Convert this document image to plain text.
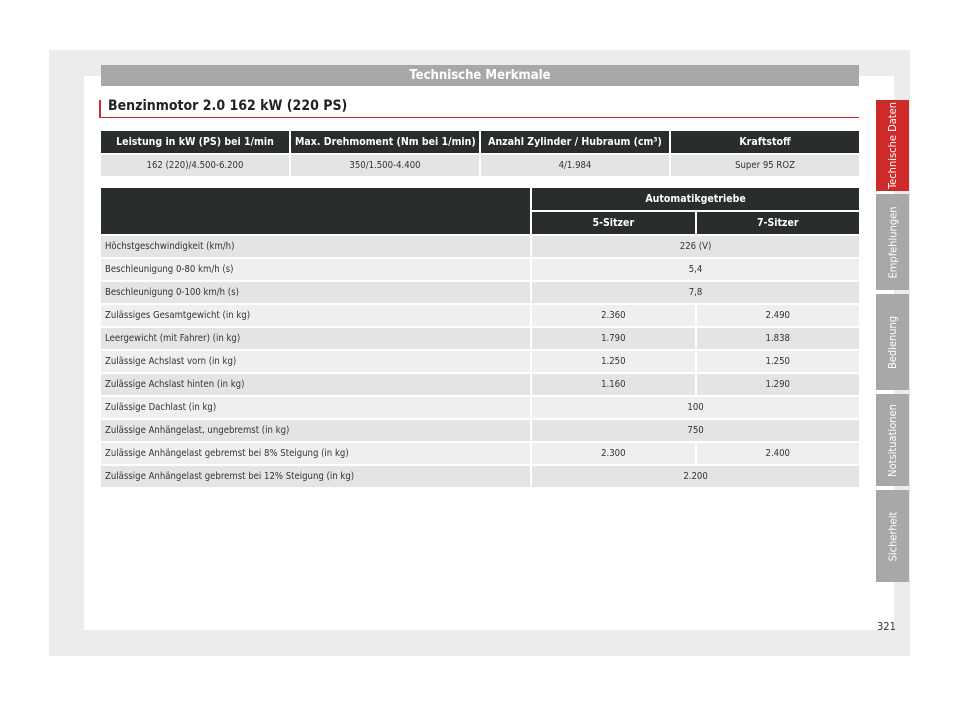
Technische Merkmale
Benzinmotor 2.0 162 kW (220 PS)
Leistung in kW (PS) bei 1/min	Max. Drehmoment (Nm bei 1/min)	Anzahl Zylinder / Hubraum (cm³)	Kraftstoff
162 (220)/4.500-6.200	350/1.500-4.400	4/1.984	Super 95 ROZ
	Automatikgetriebe	
	5-Sitzer	7-Sitzer
Höchstgeschwindigkeit (km/h)	226 (V)	
Beschleunigung 0-80 km/h (s)	5,4	
Beschleunigung 0-100 km/h (s)	7,8	
Zulässiges Gesamtgewicht (in kg)	2.360	2.490
Leergewicht (mit Fahrer) (in kg)	1.790	1.838
Zulässige Achslast vorn (in kg)	1.250	1.250
Zulässige Achslast hinten (in kg)	1.160	1.290
Zulässige Dachlast (in kg)	100	
Zulässige Anhängelast, ungebremst (in kg)	750	
Zulässige Anhängelast gebremst bei 8% Steigung (in kg)	2.300	2.400
Zulässige Anhängelast gebremst bei 12% Steigung (in kg)	2.200	
Technische Daten
Empfehlungen
Bedienung
Notsituationen
Sicherheit
321
